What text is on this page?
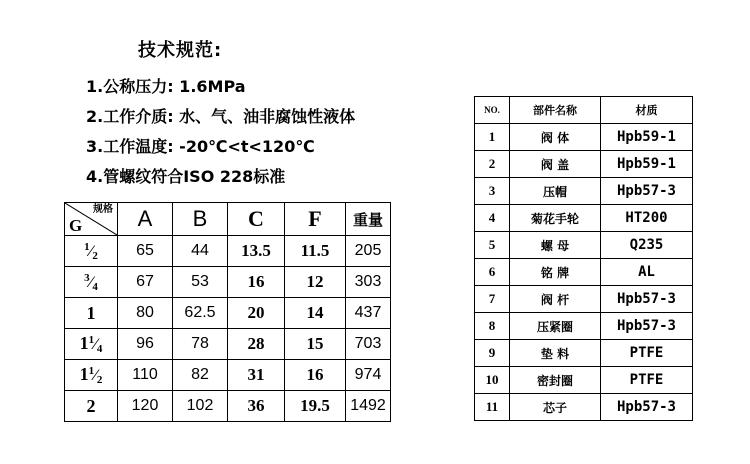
技术规范:
1.公称压力: 1.6MPa
2.工作介质: 水、气、油非腐蚀性液体
3.工作温度: -20℃<t<120℃
4.管螺纹符合ISO 228标准
规格
G	A	B	C	F	重量
$^1⁄_2$	65	44	13.5	11.5	205
$^3⁄_4$	67	53	16	12	303
1	80	62.5	20	14	437
$1^1⁄_4$	96	78	28	15	703
$1^1⁄_2$	110	82	31	16	974
2	120	102	36	19.5	1492
NO.	部件名称	材质
1	阀 体	Hpb59-1
2	阀 盖	Hpb59-1
3	压帽	Hpb57-3
4	菊花手轮	HT200
5	螺 母	Q235
6	铭 牌	AL
7	阀 杆	Hpb57-3
8	压紧圈	Hpb57-3
9	垫 料	PTFE
10	密封圈	PTFE
11	芯子	Hpb57-3
